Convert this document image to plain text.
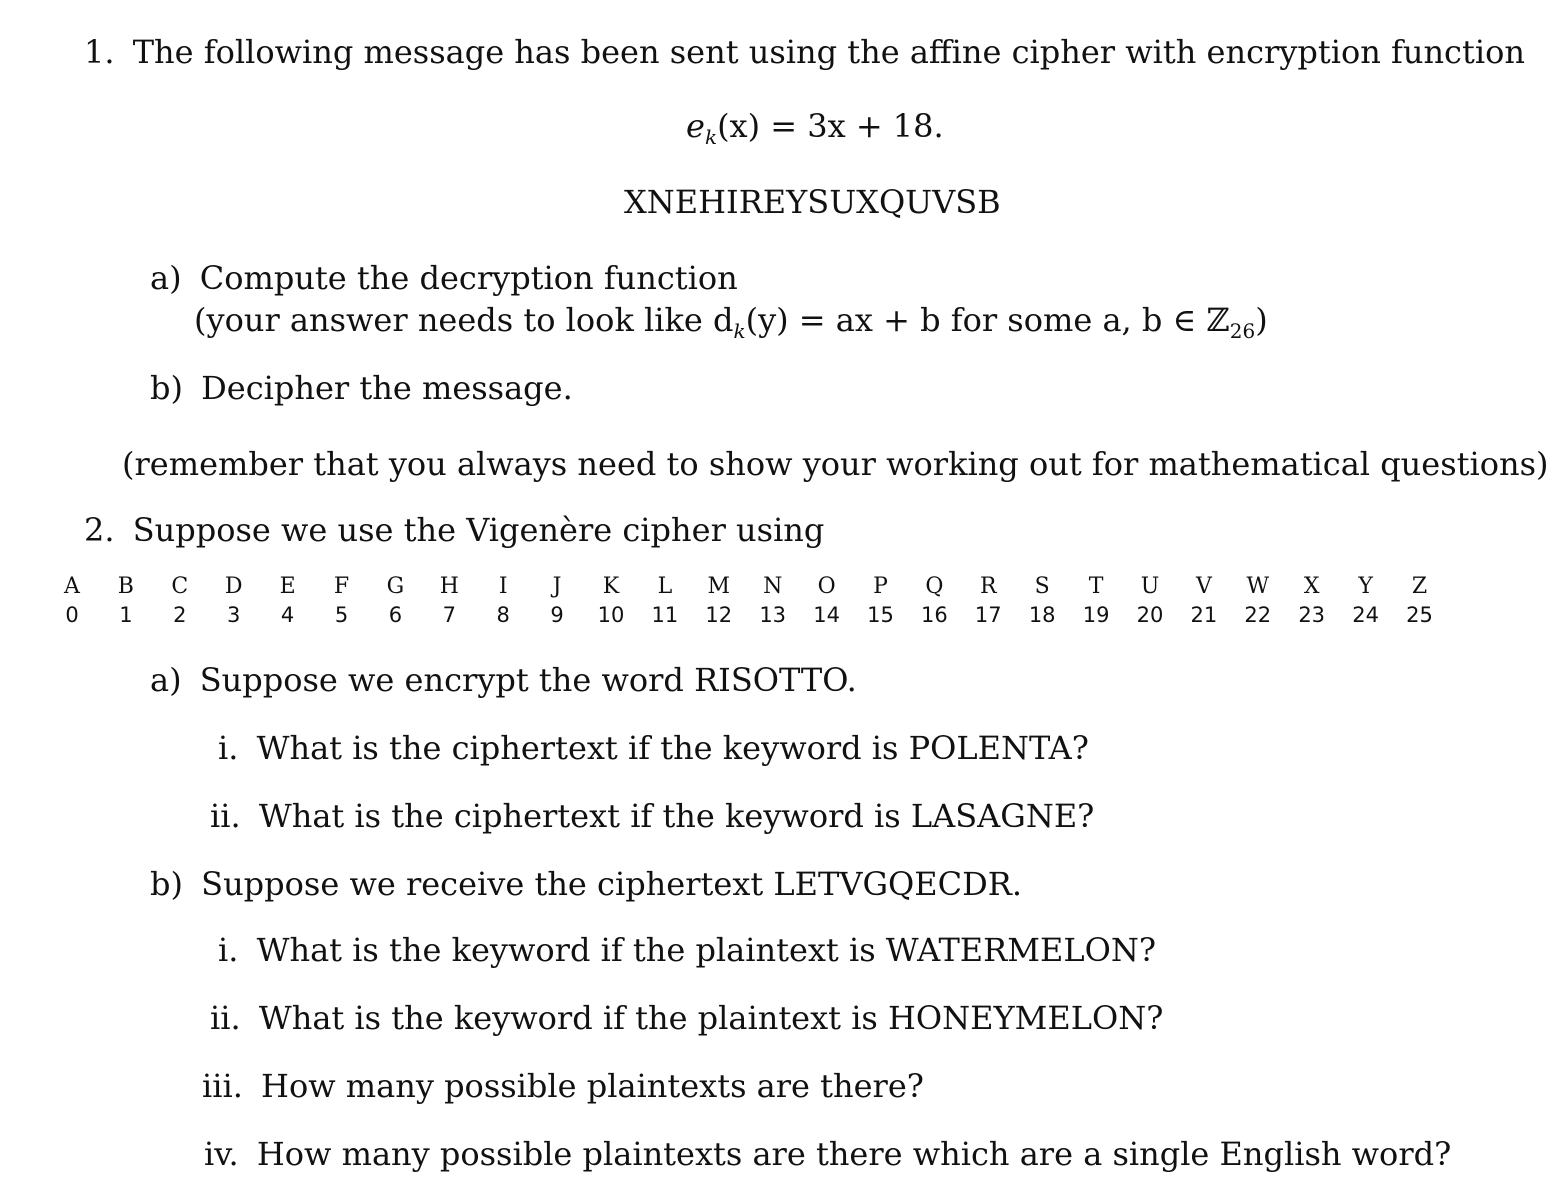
1. The following message has been sent using the affine cipher with encryption function
$e_k(x) = 3x + 18$.
XNEHIREYSUXQUVSB
a) Compute the decryption function
(your answer needs to look like $d_k(y)$ = ax + b for some a, b ∈ ℤ$_{26}$)
b) Decipher the message.
(remember that you always need to show your working out for mathematical questions)
2. Suppose we use the Vigenère cipher using
A
0
B
1
C
2
D
3
E
4
F
5
G
6
H
7
I
8
J
9
K
10
L
11
M
12
N
13
O
14
P
15
Q
16
R
17
S
18
T
19
U
20
V
21
W
22
X
23
Y
24
Z
25
a) Suppose we encrypt the word RISOTTO.
i. What is the ciphertext if the keyword is POLENTA?
ii. What is the ciphertext if the keyword is LASAGNE?
b) Suppose we receive the ciphertext LETVGQECDR.
i. What is the keyword if the plaintext is WATERMELON?
ii. What is the keyword if the plaintext is HONEYMELON?
iii. How many possible plaintexts are there?
iv. How many possible plaintexts are there which are a single English word?
